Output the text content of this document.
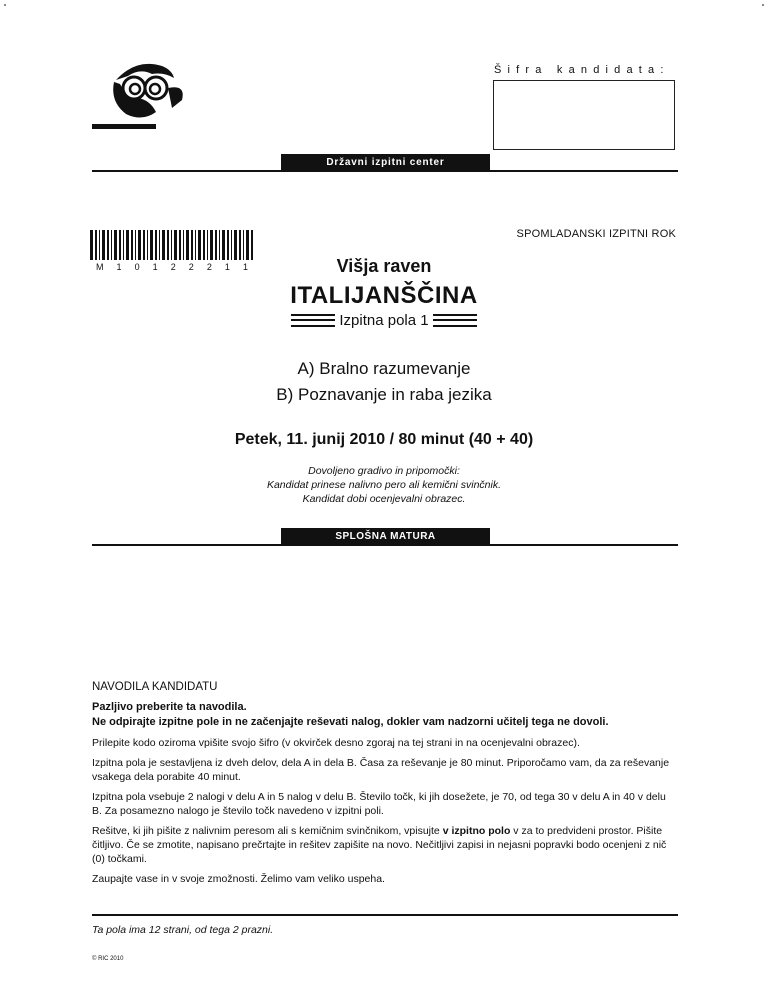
Šifra kandidata:
Državni izpitni center
SPOMLADANSKI IZPITNI ROK
M 1 0 1 2 2 2 1 1	Višja raven
ITALIJANŠČINA
Izpitna pola 1
A) Bralno razumevanje
B) Poznavanje in raba jezika
Petek, 11. junij 2010 / 80 minut (40 + 40)
Dovoljeno gradivo in pripomočki:
Kandidat prinese nalivno pero ali kemični svinčnik.
Kandidat dobi ocenjevalni obrazec.
SPLOŠNA MATURA
NAVODILA KANDIDATU
Pazljivo preberite ta navodila.
Ne odpirajte izpitne pole in ne začenjajte reševati nalog, dokler vam nadzorni učitelj tega ne dovoli.

Prilepite kodo oziroma vpišite svojo šifro (v okvirček desno zgoraj na tej strani in na ocenjevalni obrazec).

Izpitna pola je sestavljena iz dveh delov, dela A in dela B. Časa za reševanje je 80 minut. Priporočamo vam, da za reševanje vsakega dela porabite 40 minut.

Izpitna pola vsebuje 2 nalogi v delu A in 5 nalog v delu B. Število točk, ki jih dosežete, je 70, od tega 30 v delu A in 40 v delu B. Za posamezno nalogo je število točk navedeno v izpitni poli.

Rešitve, ki jih pišite z nalivnim peresom ali s kemičnim svinčnikom, vpisujte v izpitno polo v za to predvideni prostor. Pišite čitljivo. Če se zmotite, napisano prečrtajte in rešitev zapišite na novo. Nečitljivi zapisi in nejasni popravki bodo ocenjeni z nič (0) točkami.

Zaupajte vase in v svoje zmožnosti. Želimo vam veliko uspeha.

Ta pola ima 12 strani, od tega 2 prazni.
© RIC 2010
